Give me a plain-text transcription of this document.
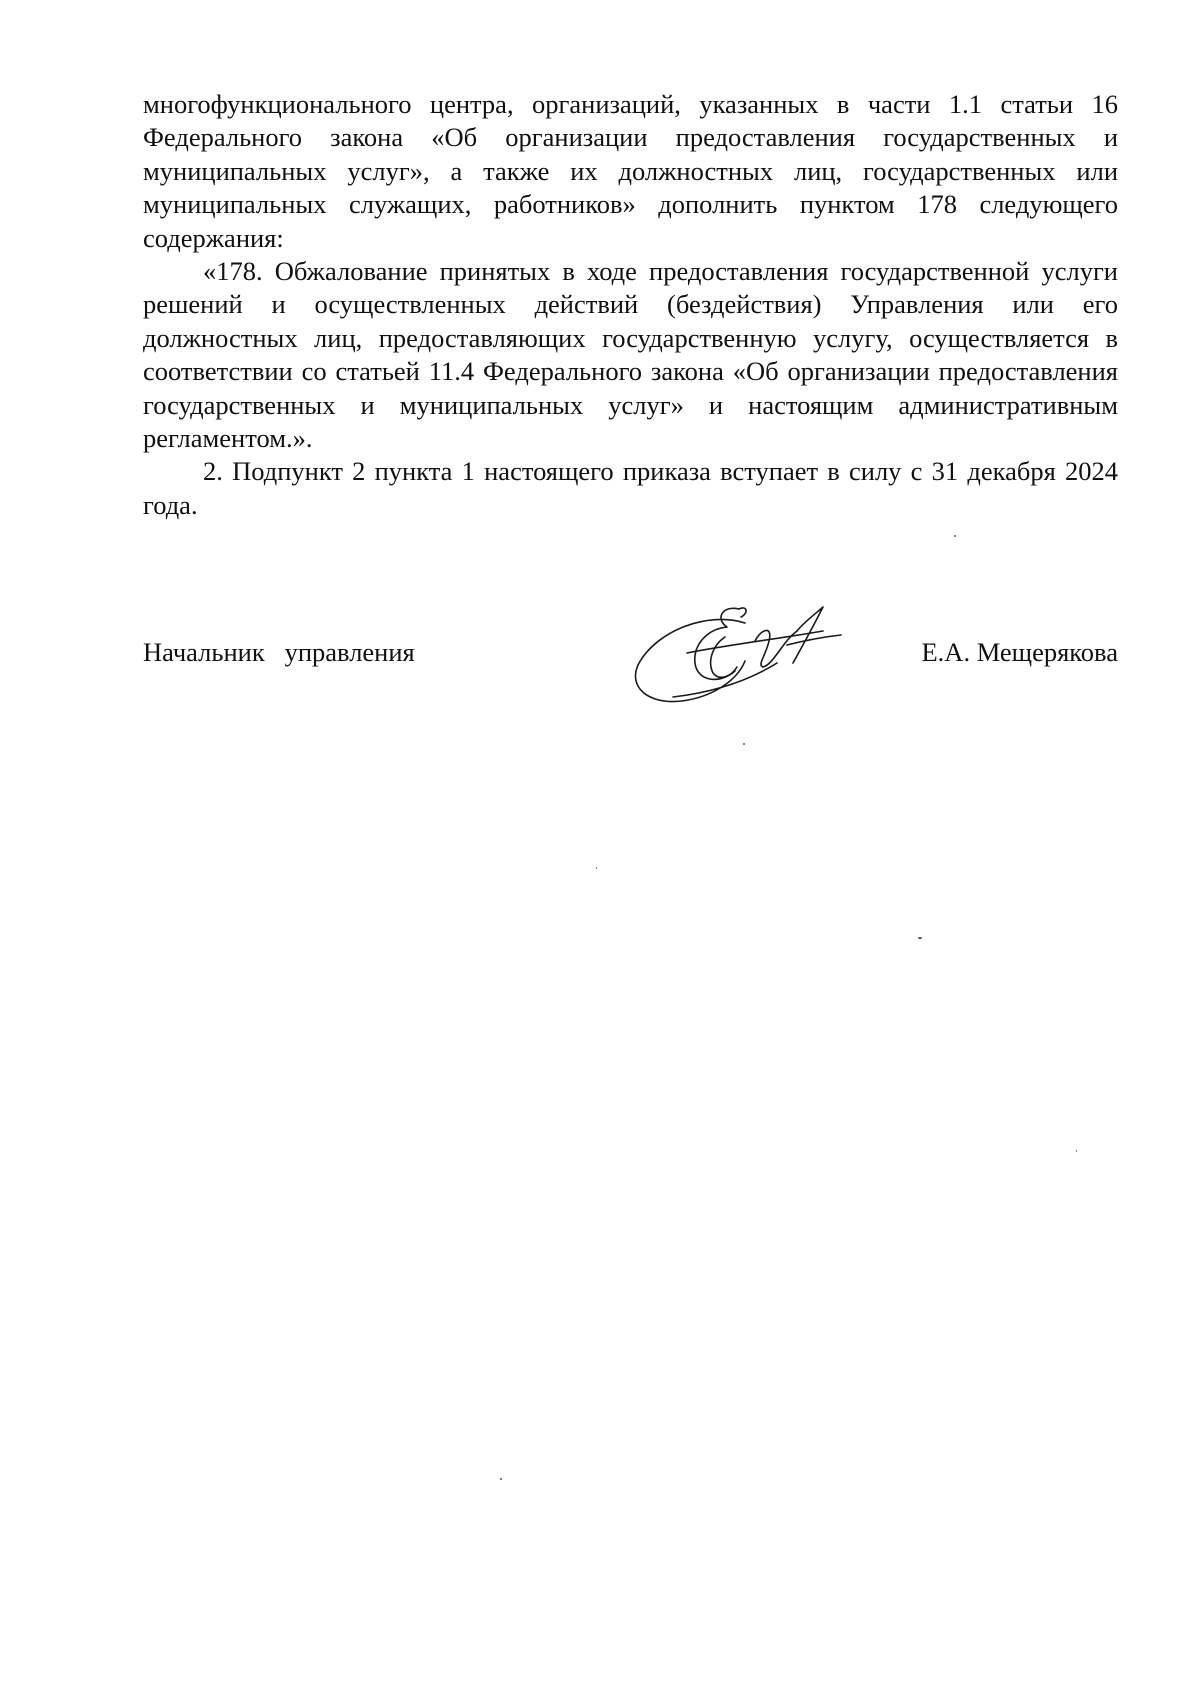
многофункционального центра, организаций, указанных в части 1.1 статьи 16 Федерального закона «Об организации предоставления государственных и муниципальных услуг», а также их должностных лиц, государственных или муниципальных служащих, работников» дополнить пунктом 178 следующего содержания:

«178. Обжалование принятых в ходе предоставления государственной услуги решений и осуществленных действий (бездействия) Управления или его должностных лиц, предоставляющих государственную услугу, осуществляется в соответствии со статьей 11.4 Федерального закона «Об организации предоставления государственных и муниципальных услуг» и настоящим административным регламентом.».

2. Подпункт 2 пункта 1 настоящего приказа вступает в силу с 31 декабря 2024 года.

Начальник   управления	Е.А. Мещерякова
